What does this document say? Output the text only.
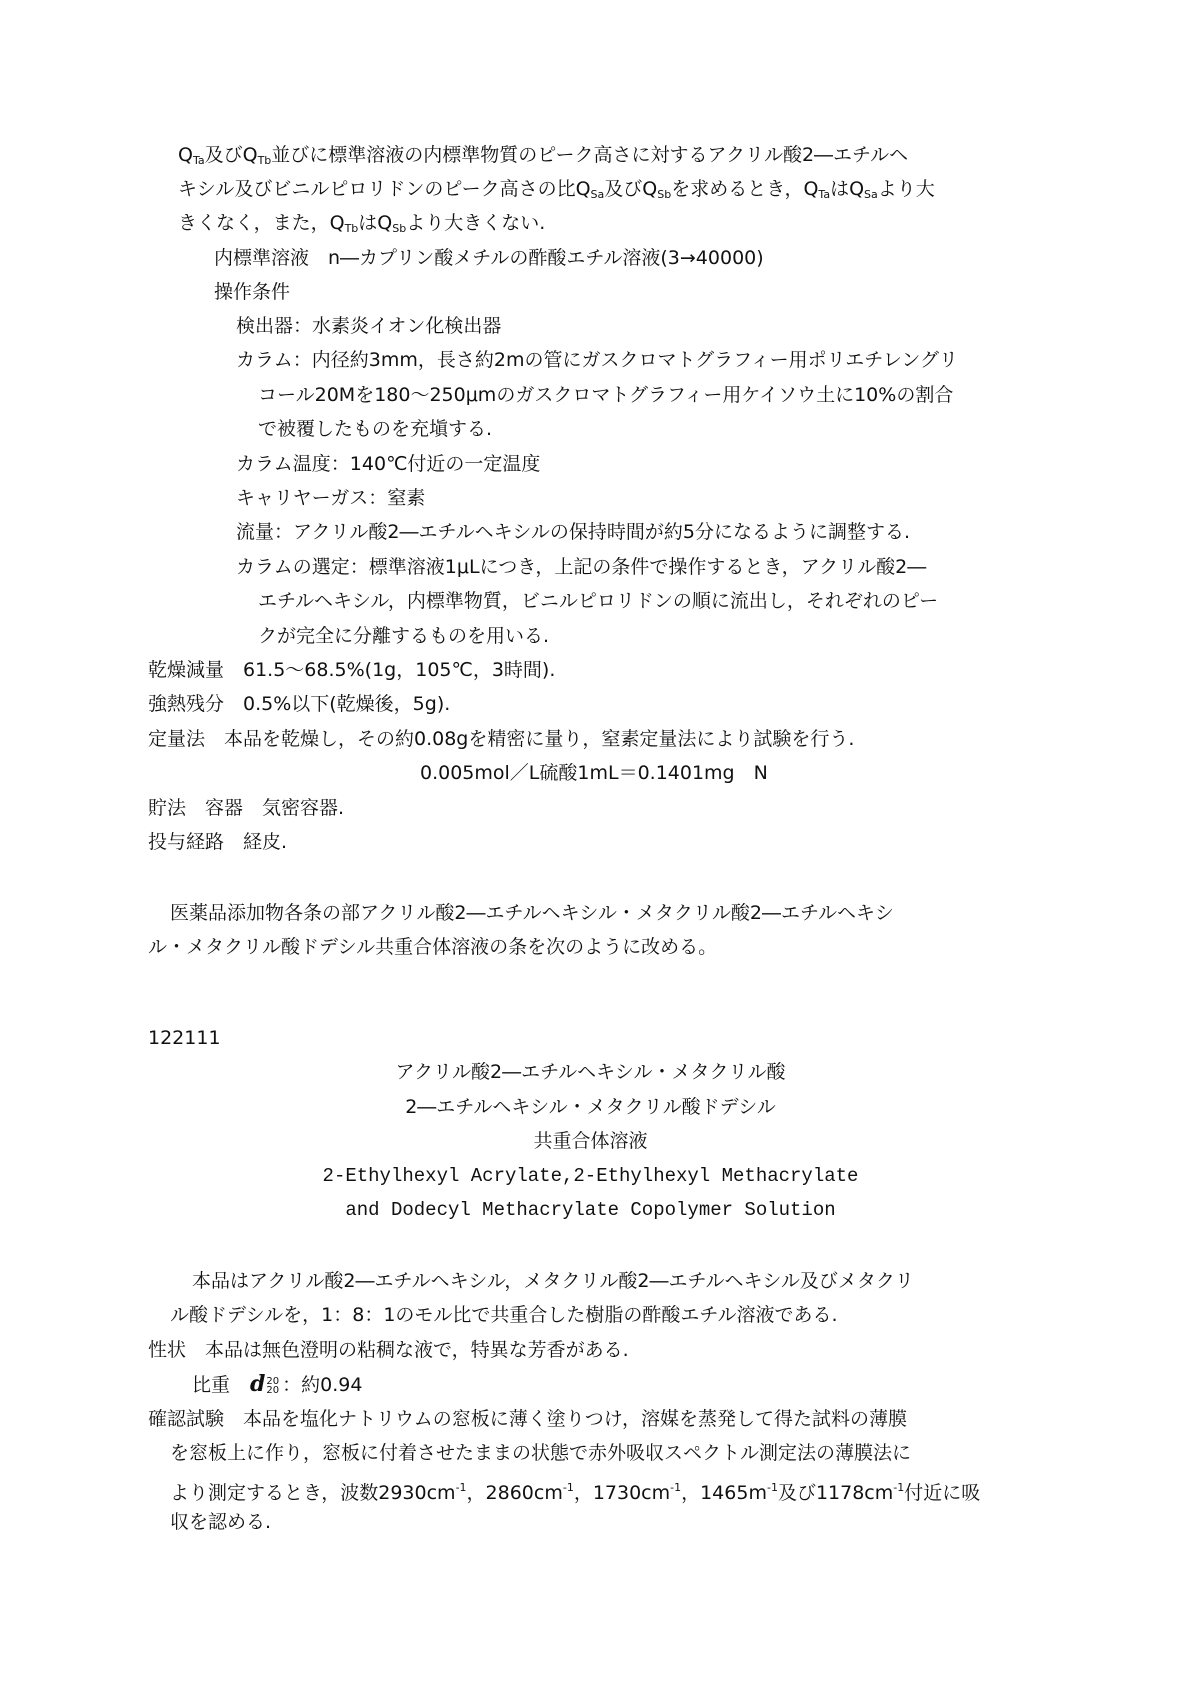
$Q_{Ta}$及び$Q_{Tb}$並びに標準溶液の内標準物質のピーク高さに対するアクリル酸2―エチルヘ

キシル及びビニルピロリドンのピーク高さの比$Q_{Sa}$及び$Q_{Sb}$を求めるとき，$Q_{Ta}$は$Q_{Sa}$より大

きくなく，また，$Q_{Tb}$は$Q_{Sb}$より大きくない.

内標準溶液　n―カプリン酸メチルの酢酸エチル溶液(3→40000)

操作条件

検出器：水素炎イオン化検出器

カラム：内径約3mm，長さ約2mの管にガスクロマトグラフィー用ポリエチレングリ

コール20Mを180～250μmのガスクロマトグラフィー用ケイソウ土に10%の割合

で被覆したものを充塡する.

カラム温度：140℃付近の一定温度

キャリヤーガス：窒素

流量：アクリル酸2―エチルヘキシルの保持時間が約5分になるように調整する.

カラムの選定：標準溶液1μLにつき，上記の条件で操作するとき，アクリル酸2―

エチルヘキシル，内標準物質，ビニルピロリドンの順に流出し，それぞれのピー

クが完全に分離するものを用いる.

乾燥減量　61.5～68.5%(1g，105℃，3時間).

強熱残分　0.5%以下(乾燥後，5g).

定量法　本品を乾燥し，その約0.08gを精密に量り，窒素定量法により試験を行う.

0.005mol／L硫酸1mL＝0.1401mg　N

貯法　容器　気密容器.

投与経路　経皮.

医薬品添加物各条の部アクリル酸2―エチルヘキシル・メタクリル酸2―エチルヘキシ

ル・メタクリル酸ドデシル共重合体溶液の条を次のように改める。

122111

アクリル酸2―エチルヘキシル・メタクリル酸

2―エチルヘキシル・メタクリル酸ドデシル

共重合体溶液

2-Ethylhexyl Acrylate,2-Ethylhexyl Methacrylate

and Dodecyl Methacrylate Copolymer Solution

本品はアクリル酸2―エチルヘキシル，メタクリル酸2―エチルヘキシル及びメタクリ

ル酸ドデシルを，1：8：1のモル比で共重合した樹脂の酢酸エチル溶液である.

性状　本品は無色澄明の粘稠な液で，特異な芳香がある.

比重 d 20
20 ：約0.94

確認試験　本品を塩化ナトリウムの窓板に薄く塗りつけ，溶媒を蒸発して得た試料の薄膜

を窓板上に作り，窓板に付着させたままの状態で赤外吸収スペクトル測定法の薄膜法に

より測定するとき，波数$2930cm^{-1}$，$2860cm^{-1}$，$1730cm^{-1}$，$1465m^{-1}$及び$1178cm^{-1}$付近に吸

収を認める.
